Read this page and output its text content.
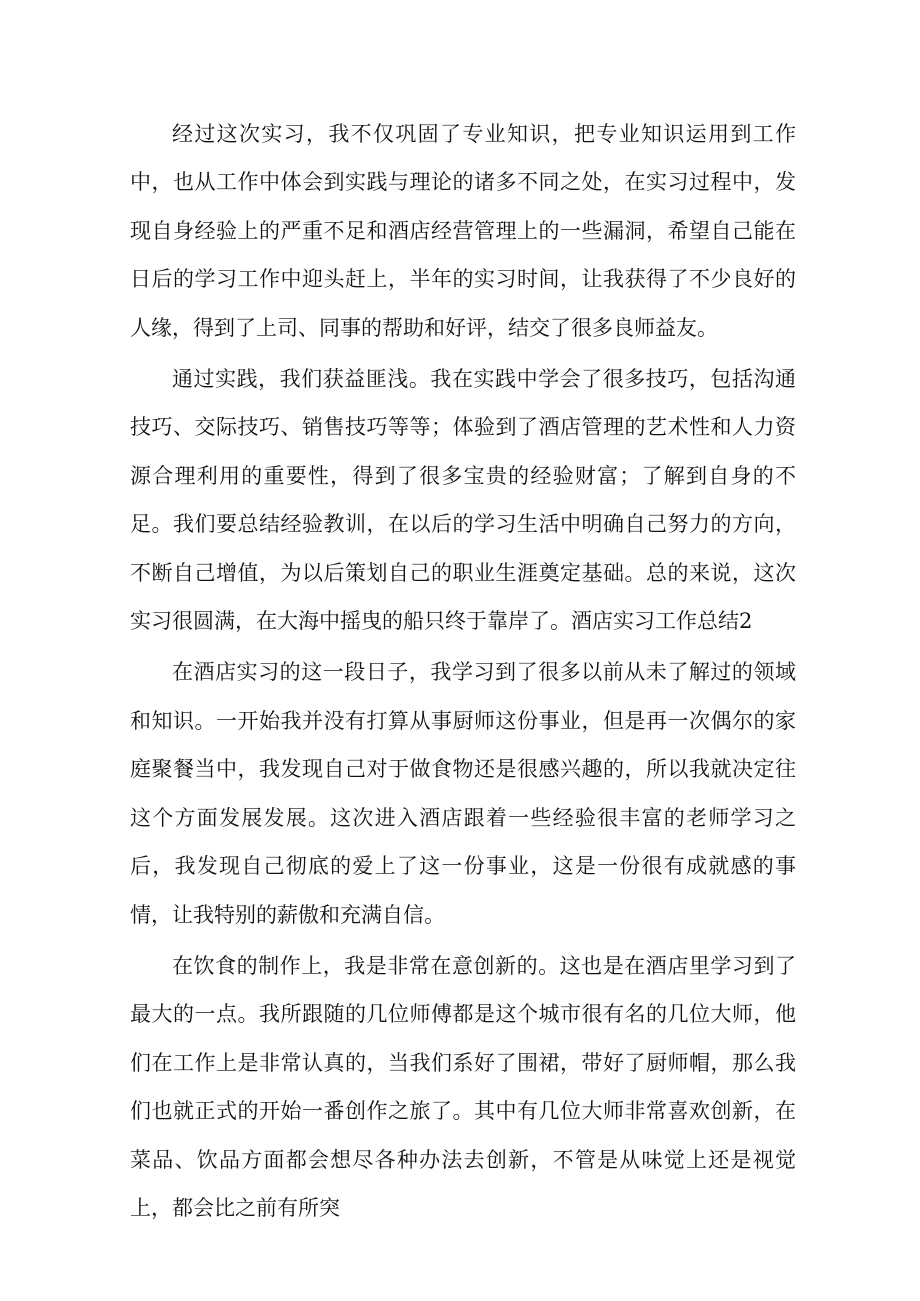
经过这次实习，我不仅巩固了专业知识，把专业知识运用到工作中，也从工作中体会到实践与理论的诸多不同之处，在实习过程中，发现自身经验上的严重不足和酒店经营管理上的一些漏洞，希望自己能在日后的学习工作中迎头赶上，半年的实习时间，让我获得了不少良好的人缘，得到了上司、同事的帮助和好评，结交了很多良师益友。

通过实践，我们获益匪浅。我在实践中学会了很多技巧，包括沟通技巧、交际技巧、销售技巧等等；体验到了酒店管理的艺术性和人力资源合理利用的重要性，得到了很多宝贵的经验财富；了解到自身的不足。我们要总结经验教训，在以后的学习生活中明确自己努力的方向，不断自己增值，为以后策划自己的职业生涯奠定基础。总的来说，这次实习很圆满，在大海中摇曳的船只终于靠岸了。酒店实习工作总结2

在酒店实习的这一段日子，我学习到了很多以前从未了解过的领域和知识。一开始我并没有打算从事厨师这份事业，但是再一次偶尔的家庭聚餐当中，我发现自己对于做食物还是很感兴趣的，所以我就决定往这个方面发展发展。这次进入酒店跟着一些经验很丰富的老师学习之后，我发现自己彻底的爱上了这一份事业，这是一份很有成就感的事情，让我特别的薪傲和充满自信。

在饮食的制作上，我是非常在意创新的。这也是在酒店里学习到了最大的一点。我所跟随的几位师傅都是这个城市很有名的几位大师，他们在工作上是非常认真的，当我们系好了围裙，带好了厨师帽，那么我们也就正式的开始一番创作之旅了。其中有几位大师非常喜欢创新，在菜品、饮品方面都会想尽各种办法去创新，不管是从味觉上还是视觉上，都会比之前有所突
